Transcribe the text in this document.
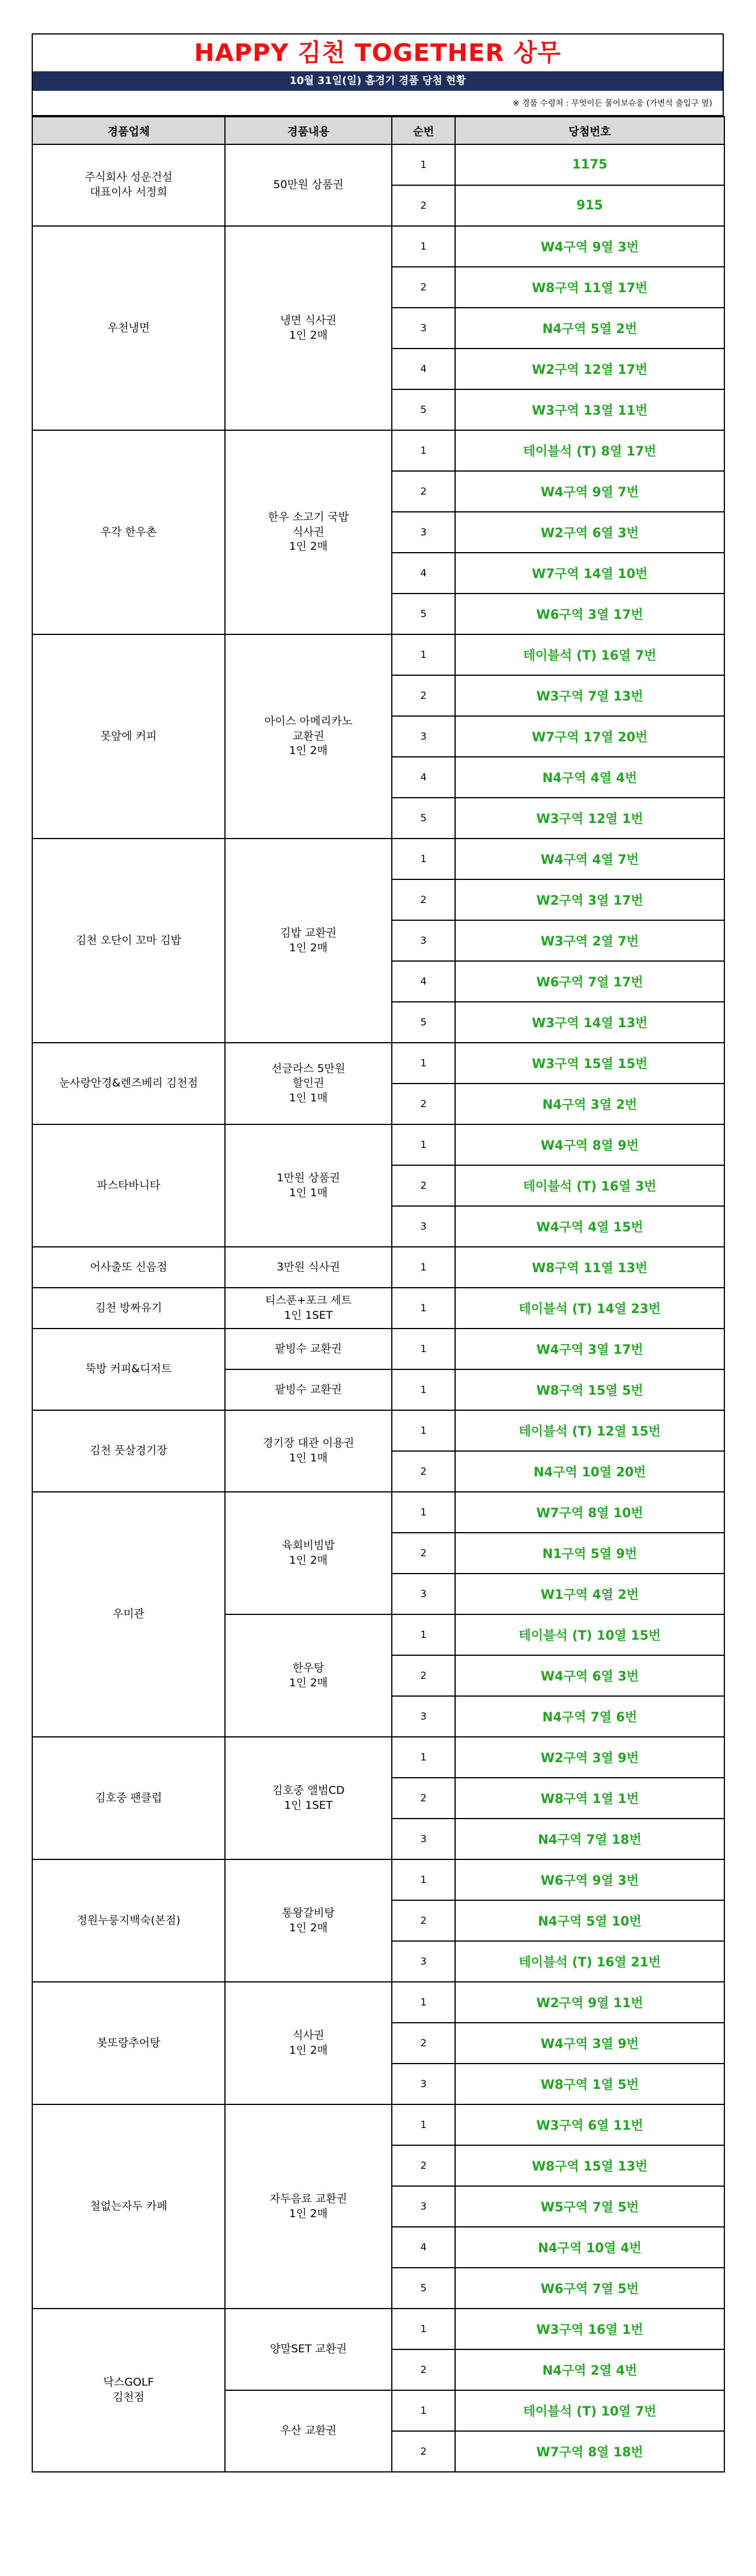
HAPPY 김천 TOGETHER 상무
10월 31일(일) 홈경기 경품 당첨 현황
※ 경품 수령처 : 무엇이든 물어보슈웅 (가변석 출입구 옆)
경품업체	경품내용	순번	당첨번호

주식회사 성운건설
대표이사 서정희	50만원 상품권	1	1175
		2	915

우천냉면	냉면 식사권
1인 2매	1	W4구역 9열 3번
		2	W8구역 11열 17번
		3	N4구역 5열 2번
		4	W2구역 12열 17번
		5	W3구역 13열 11번

우각 한우촌	한우 소고기 국밥
식사권
1인 2매	1	테이블석 (T) 8열 17번
		2	W4구역 9열 7번
		3	W2구역 6열 3번
		4	W7구역 14열 10번
		5	W6구역 3열 17번

못앞에 커피	아이스 아메리카노
교환권
1인 2매	1	테이블석 (T) 16열 7번
		2	W3구역 7열 13번
		3	W7구역 17열 20번
		4	N4구역 4열 4번
		5	W3구역 12열 1번

김천 오단이 꼬마 김밥	김밥 교환권
1인 2매	1	W4구역 4열 7번
		2	W2구역 3열 17번
		3	W3구역 2열 7번
		4	W6구역 7열 17번
		5	W3구역 14열 13번

눈사랑안경&렌즈베리 김천점	선글라스 5만원
할인권
1인 1매	1	W3구역 15열 15번
		2	N4구역 3열 2번

파스타바니타	1만원 상품권
1인 1매	1	W4구역 8열 9번
		2	테이블석 (T) 16열 3번
		3	W4구역 4열 15번

어사출또 신음점	3만원 식사권	1	W8구역 11열 13번

김천 방짜유기	티스푼+포크 세트
1인 1SET	1	테이블석 (T) 14열 23번

뚝방 커피&디저트	팥빙수 교환권	1	W4구역 3열 17번

	팥빙수 교환권	1	W8구역 15열 5번

김천 풋살경기장	경기장 대관 이용권
1인 1매	1	테이블석 (T) 12열 15번
		2	N4구역 10열 20번

우미관	육회비빔밥
1인 2매	1	W7구역 8열 10번
		2	N1구역 5열 9번
		3	W1구역 4열 2번

	한우탕
1인 2매	1	테이블석 (T) 10열 15번
		2	W4구역 6열 3번
		3	N4구역 7열 6번

김호중 팬클럽	김호중 앨범CD
1인 1SET	1	W2구역 3열 9번
		2	W8구역 1열 1번
		3	N4구역 7열 18번

정원누룽지백숙(본점)	통왕갈비탕
1인 2매	1	W6구역 9열 3번
		2	N4구역 5열 10번
		3	테이블석 (T) 16열 21번

봇또랑추어탕	식사권
1인 2매	1	W2구역 9열 11번
		2	W4구역 3열 9번
		3	W8구역 1열 5번

철없는자두 카페	자두음료 교환권
1인 2매	1	W3구역 6열 11번
		2	W8구역 15열 13번
		3	W5구역 7열 5번
		4	N4구역 10열 4번
		5	W6구역 7열 5번

닥스GOLF
김천점	양말SET 교환권	1	W3구역 16열 1번
		2	N4구역 2열 4번

	우산 교환권	1	테이블석 (T) 10열 7번
		2	W7구역 8열 18번
